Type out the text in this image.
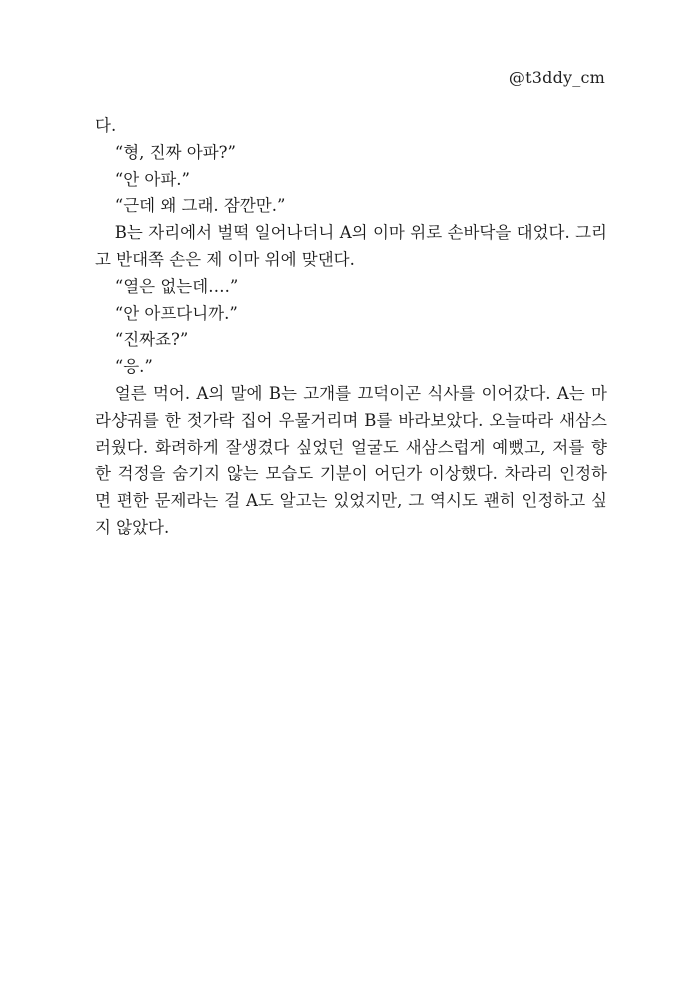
@t3ddy_cm

다.

“형, 진짜 아파?”

“안 아파.”

“근데 왜 그래. 잠깐만.”

B는 자리에서 벌떡 일어나더니 A의 이마 위로 손바닥을 대었다. 그리고 반대쪽 손은 제 이마 위에 맞댄다.

“열은 없는데….”

“안 아프다니까.”

“진짜죠?”

“응.”

얼른 먹어. A의 말에 B는 고개를 끄덕이곤 식사를 이어갔다. A는 마라샹궈를 한 젓가락 집어 우물거리며 B를 바라보았다. 오늘따라 새삼스러웠다. 화려하게 잘생겼다 싶었던 얼굴도 새삼스럽게 예뻤고, 저를 향한 걱정을 숨기지 않는 모습도 기분이 어딘가 이상했다. 차라리 인정하면 편한 문제라는 걸 A도 알고는 있었지만, 그 역시도 괜히 인정하고 싶지 않았다.
